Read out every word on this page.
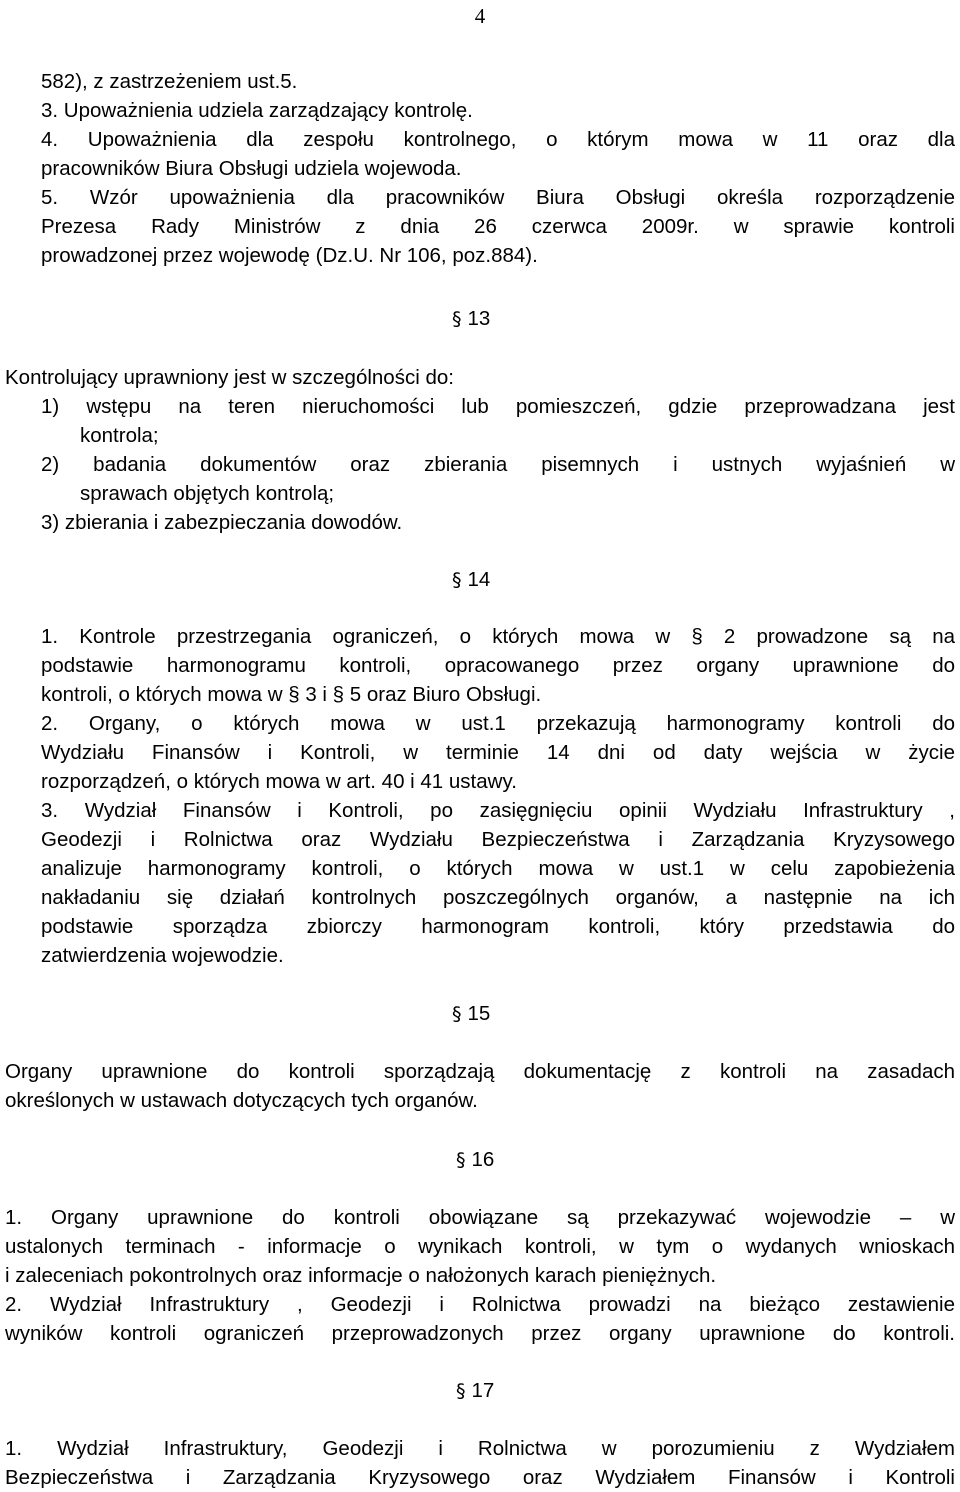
4
582), z zastrzeżeniem ust.5.
3. Upoważnienia udziela zarządzający kontrolę.
4. Upoważnienia dla zespołu kontrolnego, o którym mowa w 11 oraz dla
pracowników Biura Obsługi udziela wojewoda.
5. Wzór upoważnienia dla pracowników Biura Obsługi określa rozporządzenie
Prezesa Rady Ministrów z dnia 26 czerwca 2009r. w sprawie kontroli
prowadzonej przez wojewodę (Dz.U. Nr 106, poz.884).
§ 13
Kontrolujący uprawniony jest w szczególności do:
1) wstępu na teren nieruchomości lub pomieszczeń, gdzie przeprowadzana jest
kontrola;
2) badania dokumentów oraz zbierania pisemnych i ustnych wyjaśnień w
sprawach objętych kontrolą;
3) zbierania i zabezpieczania dowodów.
§ 14
1. Kontrole przestrzegania ograniczeń, o których mowa w § 2 prowadzone są na
podstawie harmonogramu kontroli, opracowanego przez organy uprawnione do
kontroli, o których mowa w § 3 i § 5 oraz Biuro Obsługi.
2. Organy, o których mowa w ust.1 przekazują harmonogramy kontroli do
Wydziału Finansów i Kontroli, w terminie 14 dni od daty wejścia w życie
rozporządzeń, o których mowa w art. 40 i 41 ustawy.
3. Wydział Finansów i Kontroli, po zasięgnięciu opinii Wydziału Infrastruktury ,
Geodezji i Rolnictwa oraz Wydziału Bezpieczeństwa i Zarządzania Kryzysowego
analizuje harmonogramy kontroli, o których mowa w ust.1 w celu zapobieżenia
nakładaniu się działań kontrolnych poszczególnych organów, a następnie na ich
podstawie sporządza zbiorczy harmonogram kontroli, który przedstawia do
zatwierdzenia wojewodzie.
§ 15
Organy uprawnione do kontroli sporządzają dokumentację z kontroli na zasadach
określonych w ustawach dotyczących tych organów.
§ 16
1. Organy uprawnione do kontroli obowiązane są przekazywać wojewodzie – w
ustalonych terminach - informacje o wynikach kontroli, w tym o wydanych wnioskach
i zaleceniach pokontrolnych oraz informacje o nałożonych karach pieniężnych.
2. Wydział Infrastruktury , Geodezji i Rolnictwa prowadzi na bieżąco zestawienie
wyników kontroli ograniczeń przeprowadzonych przez organy uprawnione do kontroli.
§ 17
1. Wydział Infrastruktury, Geodezji i Rolnictwa w porozumieniu z Wydziałem
Bezpieczeństwa i Zarządzania Kryzysowego oraz Wydziałem Finansów i Kontroli
